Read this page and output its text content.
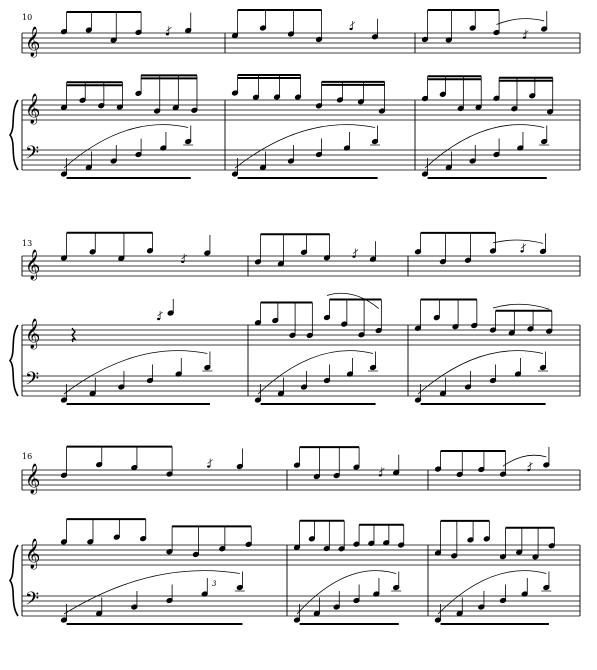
10
𝄞
𝄞
𝄢
13
𝄞
𝄞
𝄢
16
𝄞
𝄞
𝄢
3
